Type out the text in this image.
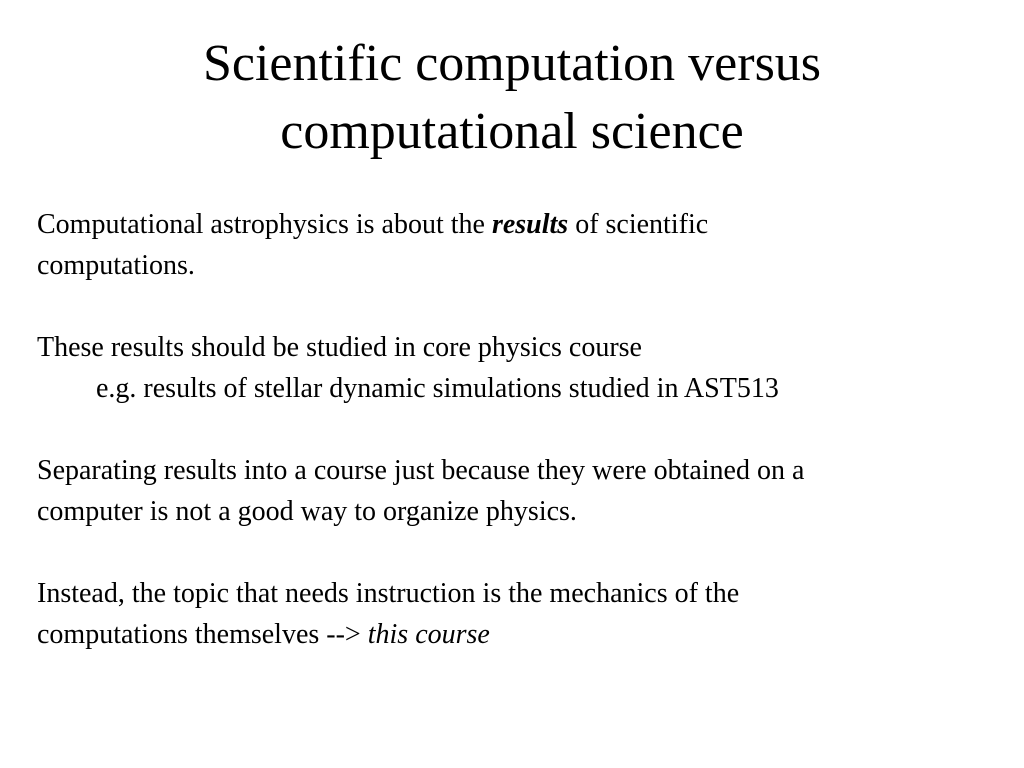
Scientific computation versus
computational science

Computational astrophysics is about the results of scientific
computations.

These results should be studied in core physics course
e.g. results of stellar dynamic simulations studied in AST513

Separating results into a course just because they were obtained on a
computer is not a good way to organize physics.

Instead, the topic that needs instruction is the mechanics of the
computations themselves --> this course
